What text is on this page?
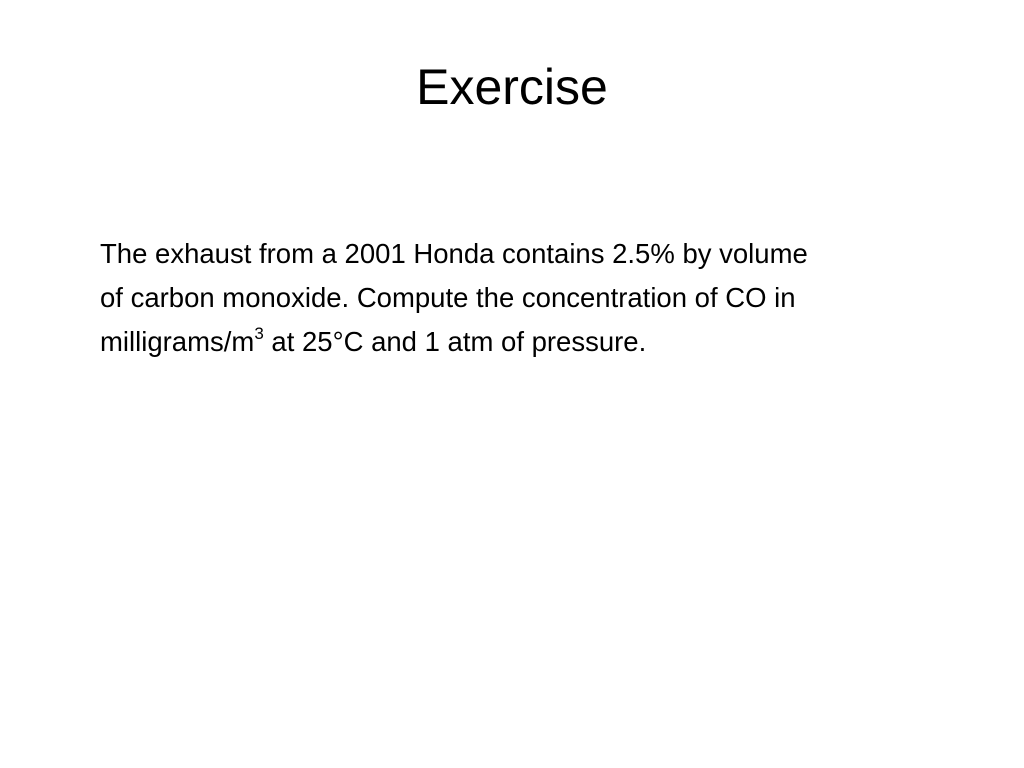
Exercise

The exhaust from a 2001 Honda contains 2.5% by volume
of carbon monoxide. Compute the concentration of CO in
milligrams/$m^3$ at 25°C and 1 atm of pressure.
